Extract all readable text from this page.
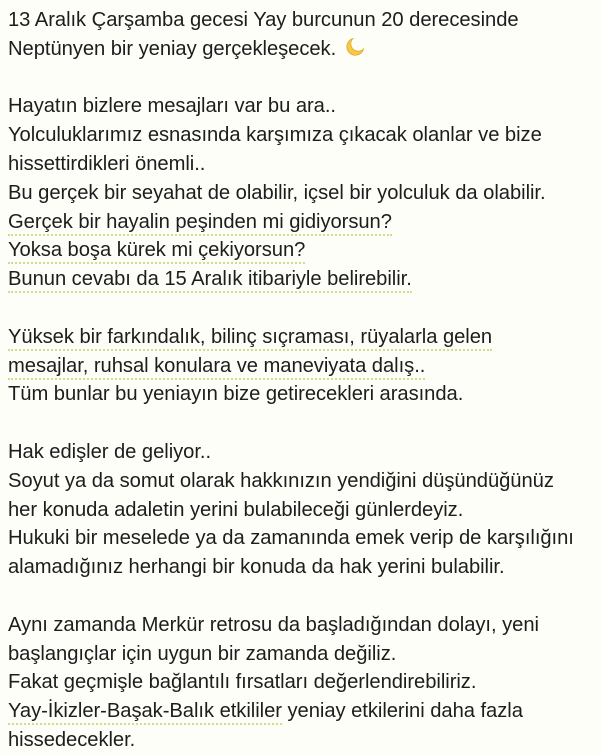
13 Aralık Çarşamba gecesi Yay burcunun 20 derecesinde
Neptünyen bir yeniay gerçekleşecek.
Hayatın bizlere mesajları var bu ara..
Yolculuklarımız esnasında karşımıza çıkacak olanlar ve bize
hissettirdikleri önemli..
Bu gerçek bir seyahat de olabilir, içsel bir yolculuk da olabilir.
Gerçek bir hayalin peşinden mi gidiyorsun?
Yoksa boşa kürek mi çekiyorsun?
Bunun cevabı da 15 Aralık itibariyle belirebilir.
Yüksek bir farkındalık, bilinç sıçraması, rüyalarla gelen
mesajlar, ruhsal konulara ve maneviyata dalış..
Tüm bunlar bu yeniayın bize getirecekleri arasında.
Hak edişler de geliyor..
Soyut ya da somut olarak hakkınızın yendiğini düşündüğünüz
her konuda adaletin yerini bulabileceği günlerdeyiz.
Hukuki bir meselede ya da zamanında emek verip de karşılığını
alamadığınız herhangi bir konuda da hak yerini bulabilir.
Aynı zamanda Merkür retrosu da başladığından dolayı, yeni
başlangıçlar için uygun bir zamanda değiliz.
Fakat geçmişle bağlantılı fırsatları değerlendirebiliriz.
Yay-İkizler-Başak-Balık etkililer yeniay etkilerini daha fazla
hissedecekler.
